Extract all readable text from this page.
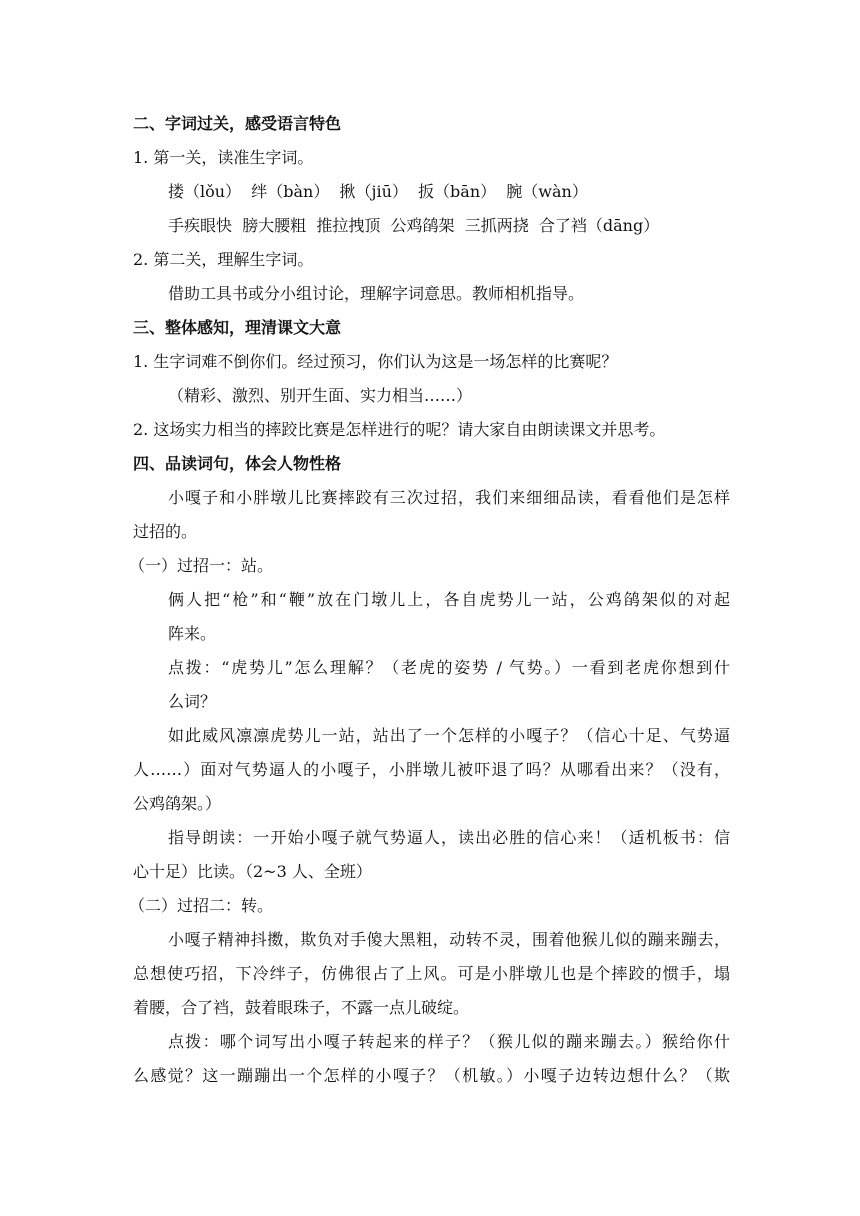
二、字词过关，感受语言特色
1. 第一关，读准生字词。
搂（lǒu）  绊（bàn）  揪（jiū）  扳（bān）  腕（wàn）
手疾眼快  膀大腰粗  推拉拽顶  公鸡鹐架  三抓两挠  合了裆（dāng）
2. 第二关，理解生字词。
借助工具书或分小组讨论，理解字词意思。教师相机指导。
三、整体感知，理清课文大意
1. 生字词难不倒你们。经过预习，你们认为这是一场怎样的比赛呢？
（精彩、激烈、别开生面、实力相当……）
2. 这场实力相当的摔跤比赛是怎样进行的呢？请大家自由朗读课文并思考。
四、品读词句，体会人物性格
小嘎子和小胖墩儿比赛摔跤有三次过招，我们来细细品读，看看他们是怎样
过招的。
（一）过招一：站。
俩人把“枪”和“鞭”放在门墩儿上，各自虎势儿一站，公鸡鹐架似的对起
阵来。
点拨：“虎势儿”怎么理解？（老虎的姿势 / 气势。）一看到老虎你想到什
么词？
如此威风凛凛虎势儿一站，站出了一个怎样的小嘎子？（信心十足、气势逼
人……）面对气势逼人的小嘎子，小胖墩儿被吓退了吗？从哪看出来？（没有，
公鸡鹐架。）
指导朗读：一开始小嘎子就气势逼人，读出必胜的信心来！（适机板书：信
心十足）比读。（2~3 人、全班）
（二）过招二：转。
小嘎子精神抖擞，欺负对手傻大黑粗，动转不灵，围着他猴儿似的蹦来蹦去，
总想使巧招，下冷绊子，仿佛很占了上风。可是小胖墩儿也是个摔跤的惯手，塌
着腰，合了裆，鼓着眼珠子，不露一点儿破绽。
点拨：哪个词写出小嘎子转起来的样子？（猴儿似的蹦来蹦去。）猴给你什
么感觉？这一蹦蹦出一个怎样的小嘎子？（机敏。）小嘎子边转边想什么？（欺
